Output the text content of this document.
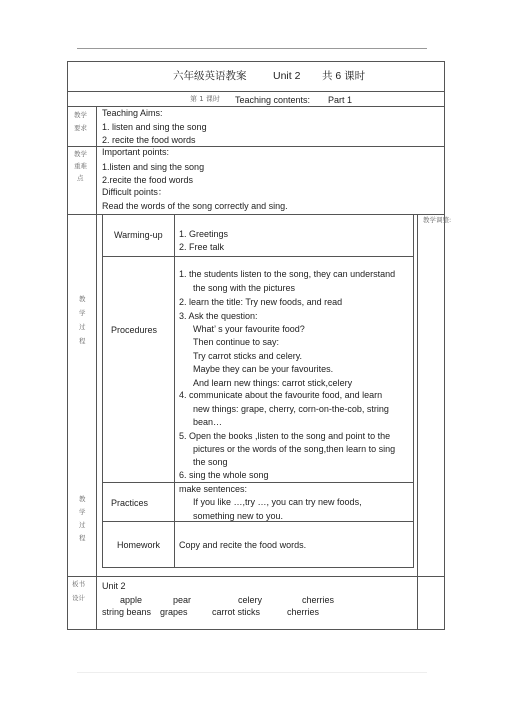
六年级英语教案	Unit 2 共 6 课时
第 1 课时 Teaching contents: Part 1
教学
要求
Teaching Aims:
1. listen and sing the song
2. recite the food words
教学
重难
点
Important points:
1.listen and sing the song
2.recite the food words
Difficult points：
Read the words of the song correctly and sing.
教
学
过
程
教
学
过
程
教学调整:
Warming-up 1. Greetings
2. Free talk
Procedures
1. the students listen to the song, they can understand
the song with the pictures
2. learn the title: Try new foods, and read
3. Ask the question:
What’ s your favourite food?
Then continue to say:
Try carrot sticks and celery.
Maybe they can be your favourites.
And learn new things: carrot stick,celery
4. communicate about the favourite food, and learn
new things: grape, cherry, corn-on-the-cob, string
bean…
5. Open the books ,listen to the song and point to the
pictures or the words of the song,then learn to sing
the song
6. sing the whole song
Practices
make sentences:
If you like …,try …, you can try new foods,
something new to you.
Homework Copy and recite the food words.
板书
设计
Unit 2
apple	pear	celery	cherries
string beans grapes	carrot sticks	cherries
